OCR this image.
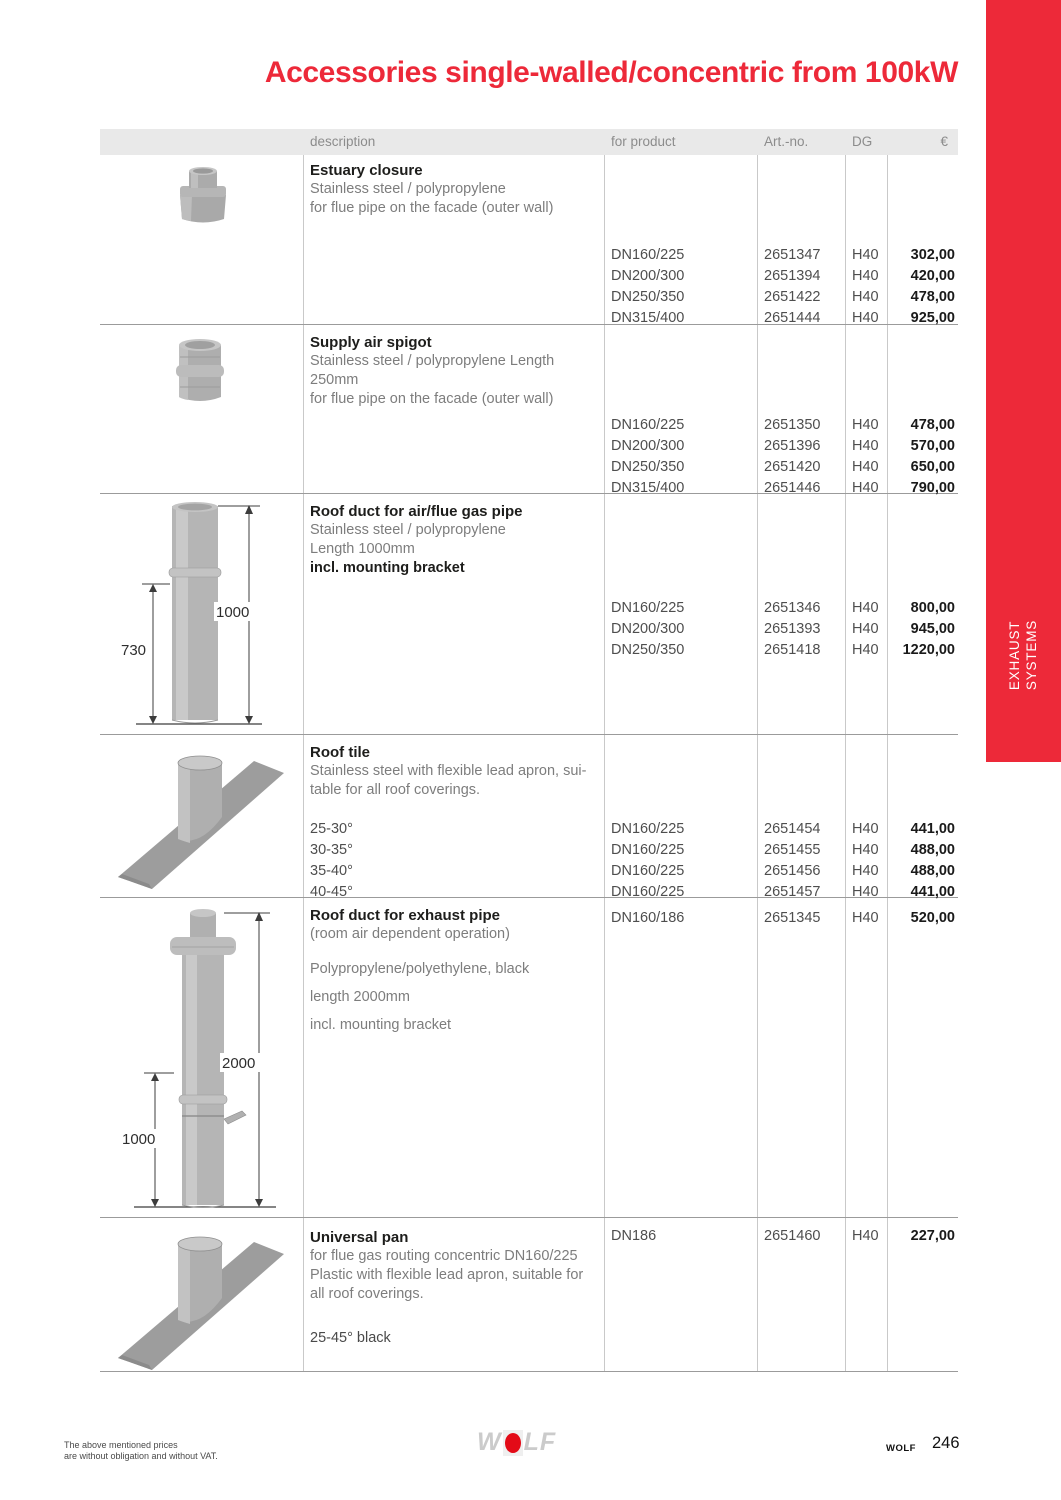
EXHAUST SYSTEMS
Accessories single-walled/concentric from 100kW
description	for product	Art.-no.	DG	€
Estuary closure
Stainless steel / polypropylene
for flue pipe on the facade (outer wall)
DN160/225	2651347 H40 302,00
DN200/300	2651394 H40 420,00
DN250/350	2651422 H40 478,00
DN315/400	2651444 H40 925,00
Supply air spigot
Stainless steel / polypropylene Length
250mm
for flue pipe on the facade (outer wall)
DN160/225	2651350 H40 478,00
DN200/300	2651396 H40 570,00
DN250/350	2651420 H40 650,00
DN315/400	2651446 H40 790,00
1000
730
Roof duct for air/flue gas pipe
Stainless steel / polypropylene
Length 1000mm
incl. mounting bracket
DN160/225	2651346 H40 800,00
DN200/300	2651393 H40 945,00
DN250/350	2651418 H40 1220,00
Roof tile
Stainless steel with flexible lead apron, sui-
table for all roof coverings.
25-30°	DN160/225	2651454 H40 441,00
30-35°	DN160/225	2651455 H40 488,00
35-40°	DN160/225	2651456 H40 488,00
40-45°	DN160/225	2651457 H40 441,00
2000
1000
Roof duct for exhaust pipe
(room air dependent operation)
Polypropylene/polyethylene, black
length 2000mm
incl. mounting bracket
DN160/186	2651345 H40 520,00
Universal pan
for flue gas routing concentric DN160/225
Plastic with flexible lead apron, suitable for
all roof coverings.
25-45° black
DN186	2651460 H40 227,00
The above mentioned prices
are without obligation and without VAT.	W LF	WOLF 246
